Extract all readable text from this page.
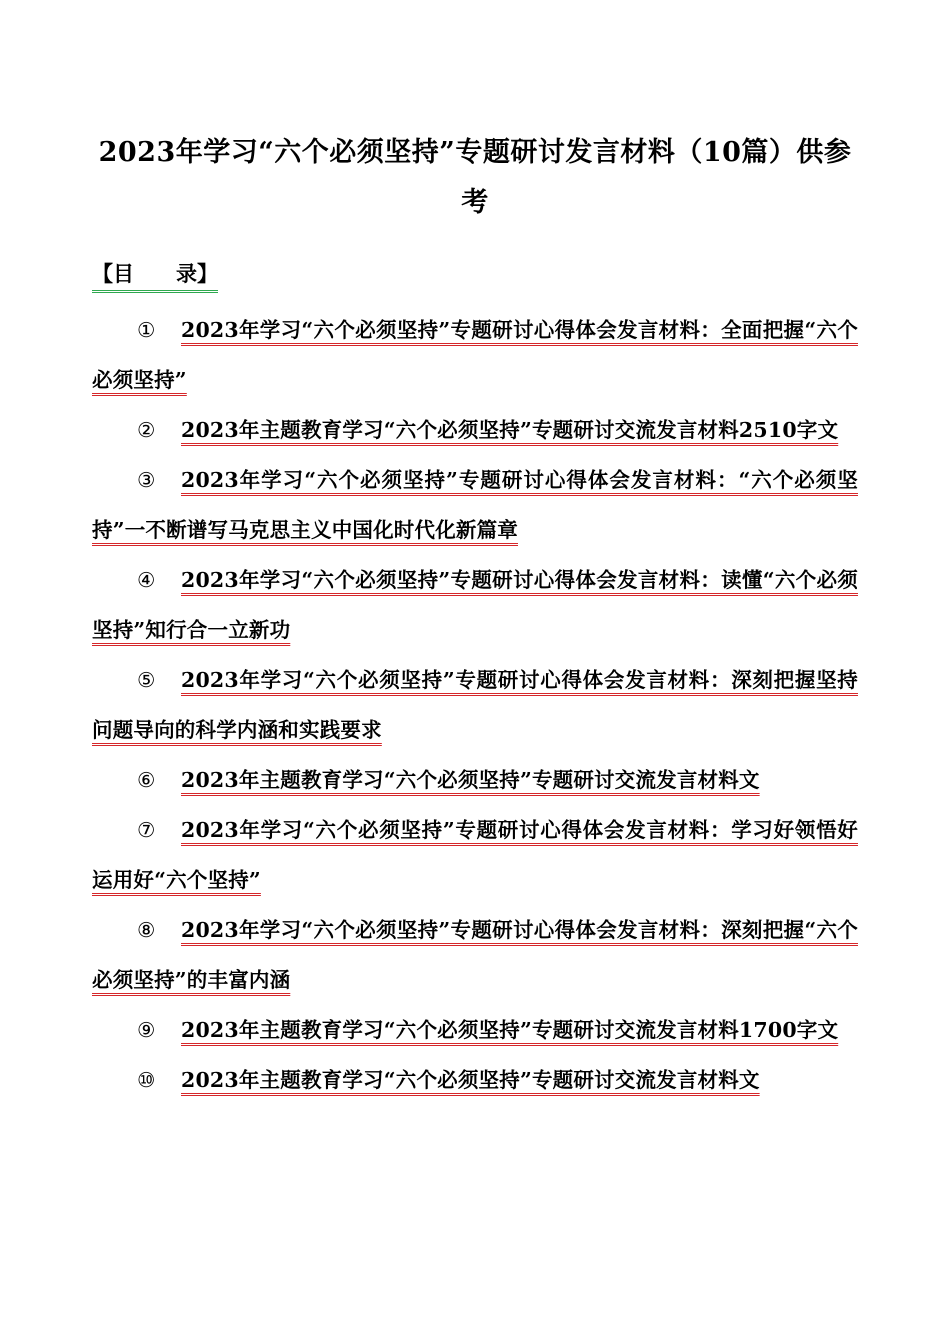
2023年学习“六个必须坚持”专题研讨发言材料（10篇）供参考
【目　　录】
① 2023年学习“六个必须坚持”专题研讨心得体会发言材料：全面把握“六个必须坚持”
② 2023年主题教育学习“六个必须坚持”专题研讨交流发言材料2510字文
③ 2023年学习“六个必须坚持”专题研讨心得体会发言材料：“六个必须坚持”一不断谱写马克思主义中国化时代化新篇章
④ 2023年学习“六个必须坚持”专题研讨心得体会发言材料：读懂“六个必须坚持”知行合一立新功
⑤ 2023年学习“六个必须坚持”专题研讨心得体会发言材料：深刻把握坚持问题导向的科学内涵和实践要求
⑥ 2023年主题教育学习“六个必须坚持”专题研讨交流发言材料文
⑦ 2023年学习“六个必须坚持”专题研讨心得体会发言材料：学习好领悟好运用好“六个坚持”
⑧ 2023年学习“六个必须坚持”专题研讨心得体会发言材料：深刻把握“六个必须坚持”的丰富内涵
⑨ 2023年主题教育学习“六个必须坚持”专题研讨交流发言材料1700字文
⑩ 2023年主题教育学习“六个必须坚持”专题研讨交流发言材料文
